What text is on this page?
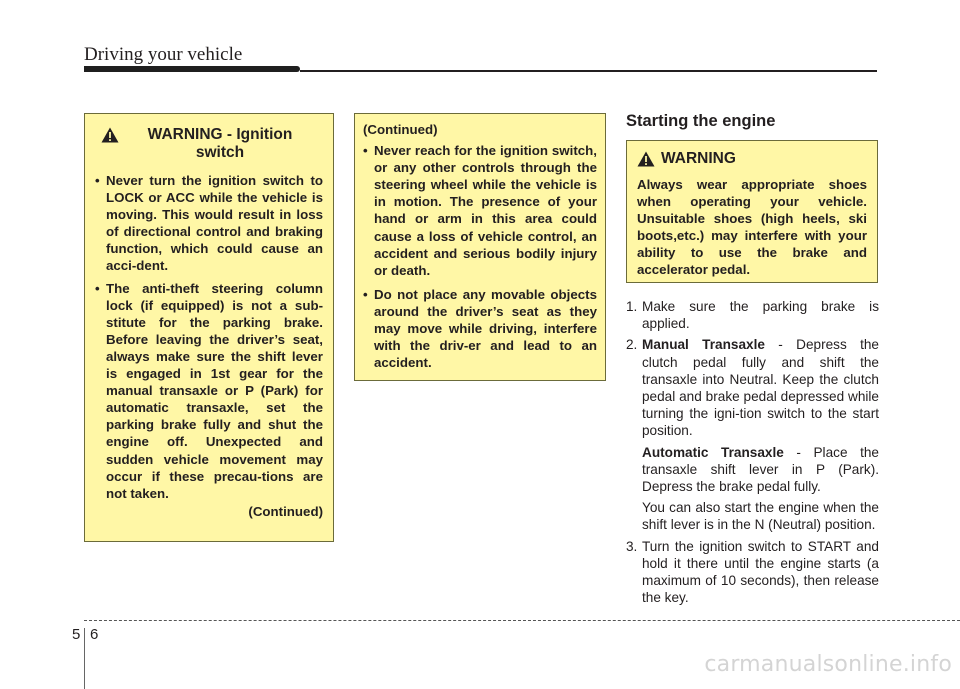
Driving your vehicle
WARNING - Ignition switch
• Never turn the ignition switch to LOCK or ACC while the vehicle is moving. This would result in loss of directional control and braking function, which could cause an acci-dent.
• The anti-theft steering column lock (if equipped) is not a sub-stitute for the parking brake. Before leaving the driver’s seat, always make sure the shift lever is engaged in 1st gear for the manual transaxle or P (Park) for automatic transaxle, set the parking brake fully and shut the engine off. Unexpected and sudden vehicle movement may occur if these precau-tions are not taken.
(Continued)
(Continued)
• Never reach for the ignition switch, or any other controls through the steering wheel while the vehicle is in motion. The presence of your hand or arm in this area could cause a loss of vehicle control, an accident and serious bodily injury or death.
• Do not place any movable objects around the driver’s seat as they may move while driving, interfere with the driv-er and lead to an accident.
Starting the engine
WARNING
Always wear appropriate shoes when operating your vehicle. Unsuitable shoes (high heels, ski boots,etc.) may interfere with your ability to use the brake and accelerator pedal.
1. Make sure the parking brake is applied.
2. Manual Transaxle - Depress the clutch pedal fully and shift the transaxle into Neutral. Keep the clutch pedal and brake pedal depressed while turning the igni-tion switch to the start position.
Automatic Transaxle - Place the transaxle shift lever in P (Park). Depress the brake pedal fully.
You can also start the engine when the shift lever is in the N (Neutral) position.
3. Turn the ignition switch to START and hold it there until the engine starts (a maximum of 10 seconds), then release the key.
5 6
carmanualsonline.info
